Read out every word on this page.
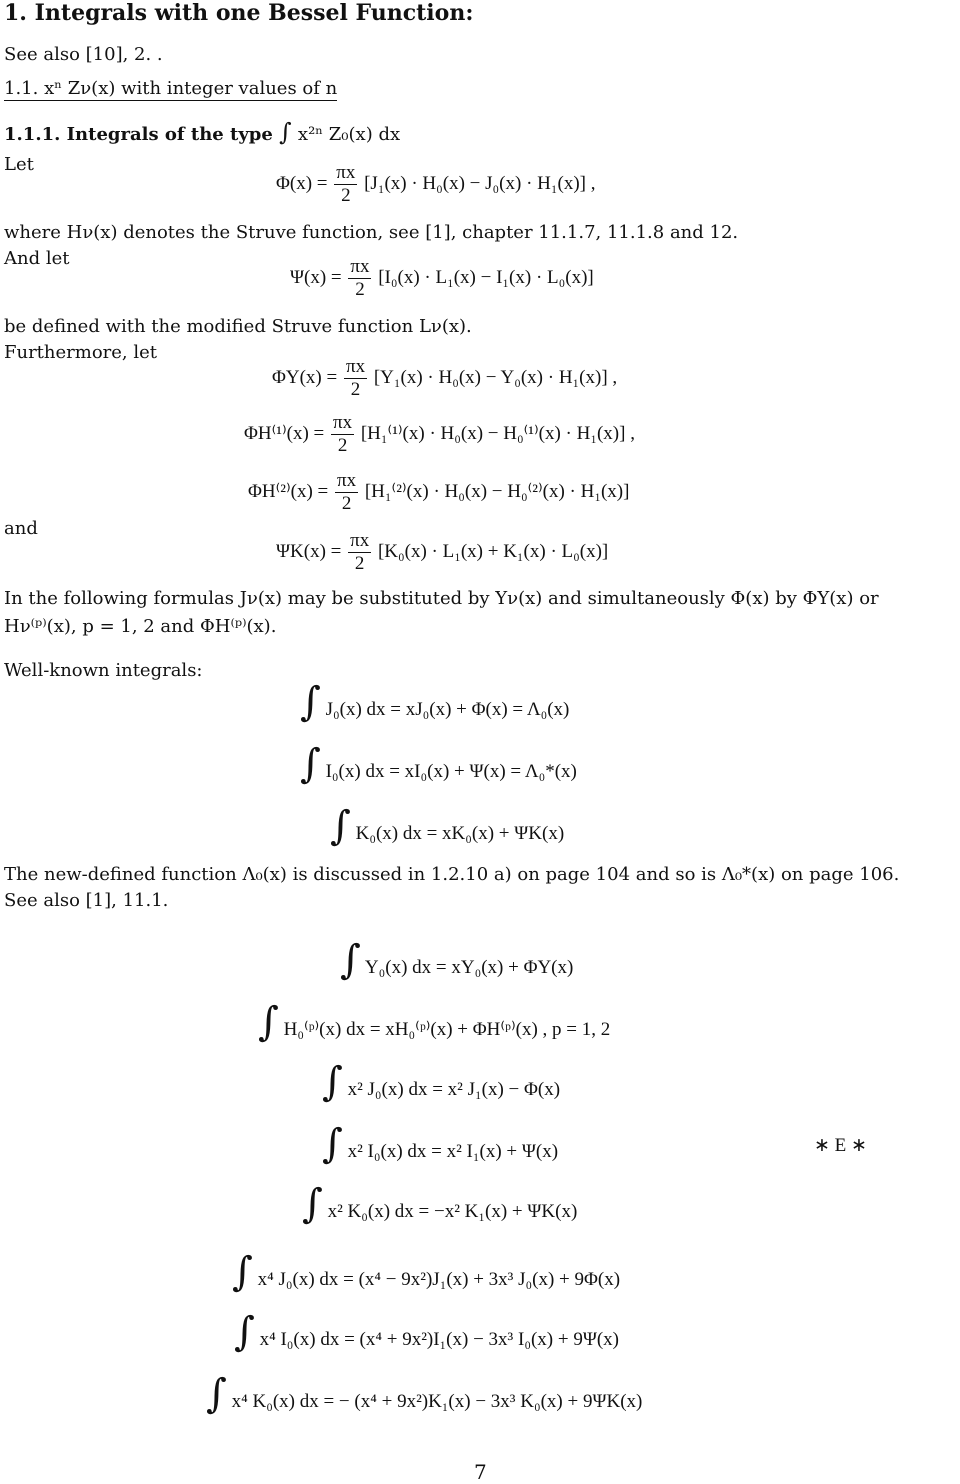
1. Integrals with one Bessel Function:
See also [10], 2. .
1.1. xⁿ Zν(x) with integer values of n
1.1.1. Integrals of the type ∫ x²ⁿ Z₀(x) dx
Let
$\Phi(x) = \frac{\pi x}{2} [J_1(x) \cdot H_0(x) - J_0(x) \cdot H_1(x)]$ ,
where Hν(x) denotes the Struve function, see [1], chapter 11.1.7, 11.1.8 and 12.
And let
$\Psi(x) = \frac{\pi x}{2} [I_0(x) \cdot L_1(x) - I_1(x) \cdot L_0(x)]$
be defined with the modified Struve function Lν(x).
Furthermore, let
$\Phi Y(x) = \frac{\pi x}{2} [Y_1(x) \cdot H_0(x) - Y_0(x) \cdot H_1(x)]$ ,
$\Phi H^{(1)}(x) = \frac{\pi x}{2} [H_1^{(1)}(x) \cdot H_0(x) - H_0^{(1)}(x) \cdot H_1(x)]$ ,
$\Phi H^{(2)}(x) = \frac{\pi x}{2} [H_1^{(2)}(x) \cdot H_0(x) - H_0^{(2)}(x) \cdot H_1(x)]$
and
$\Psi K(x) = \frac{\pi x}{2} [K_0(x) \cdot L_1(x) + K_1(x) \cdot L_0(x)]$
In the following formulas Jν(x) may be substituted by Yν(x) and simultaneously Φ(x) by ΦY(x) or
Hν⁽ᵖ⁾(x), p = 1, 2 and ΦH⁽ᵖ⁾(x).
Well-known integrals:
∫ J₀(x) dx = xJ₀(x) + Φ(x) = Λ₀(x)
∫ I₀(x) dx = xI₀(x) + Ψ(x) = Λ₀*(x)
∫ K₀(x) dx = xK₀(x) + ΨK(x)
The new-defined function Λ₀(x) is discussed in 1.2.10 a) on page 104 and so is Λ₀*(x) on page 106.
See also [1], 11.1.
∫ Y₀(x) dx = xY₀(x) + ΦY(x)
∫ H₀⁽ᵖ⁾(x) dx = xH₀⁽ᵖ⁾(x) + ΦH⁽ᵖ⁾(x) , p = 1, 2
∫ x² J₀(x) dx = x² J₁(x) − Φ(x)
∫ x² I₀(x) dx = x² I₁(x) + Ψ(x)	∗ E ∗
∫ x² K₀(x) dx = −x² K₁(x) + ΨK(x)
∫ x⁴ J₀(x) dx = (x⁴ − 9x²)J₁(x) + 3x³ J₀(x) + 9Φ(x)
∫ x⁴ I₀(x) dx = (x⁴ + 9x²)I₁(x) − 3x³ I₀(x) + 9Ψ(x)
∫ x⁴ K₀(x) dx = − (x⁴ + 9x²)K₁(x) − 3x³ K₀(x) + 9ΨK(x)
7
